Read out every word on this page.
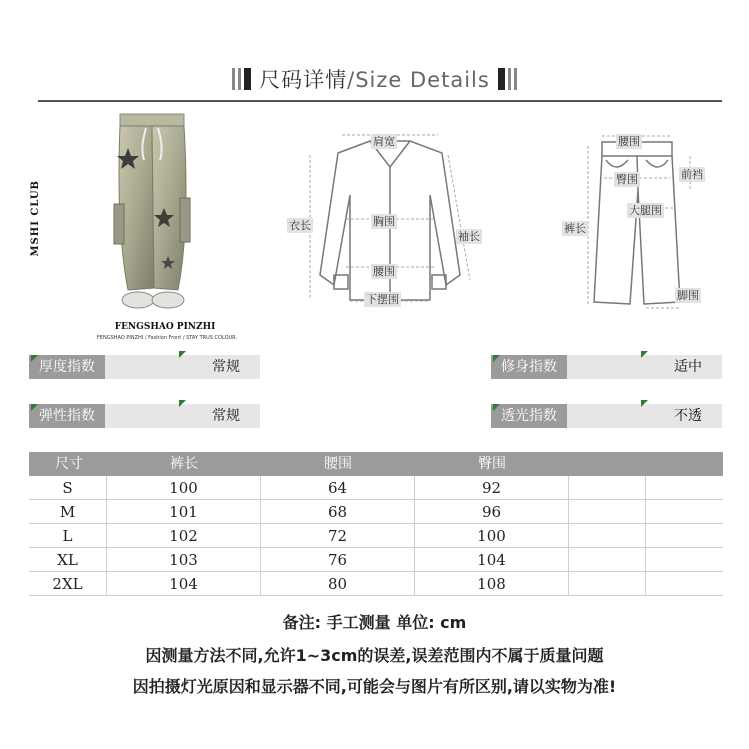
尺码详情/Size Details
MSHI CLUB
FENGSHAO PINZHI
FENGSHAO PINZHI / Fashion Front / STAY TRUS COLOUR.
肩宽
衣长	胸围
袖长
腰围
下摆围
腰围
臀围	前裆
大腿围
裤长
脚围
厚度指数	常规	修身指数	适中
弹性指数	常规	透光指数	不透
尺寸	裤长	腰围	臀围
S	100	64	92
M	101	68	96
L	102	72	100
XL	103	76	104
2XL	104	80	108
备注: 手工测量 单位: cm
因测量方法不同,允许1~3cm的误差,误差范围内不属于质量问题
因拍摄灯光原因和显示器不同,可能会与图片有所区别,请以实物为准!
